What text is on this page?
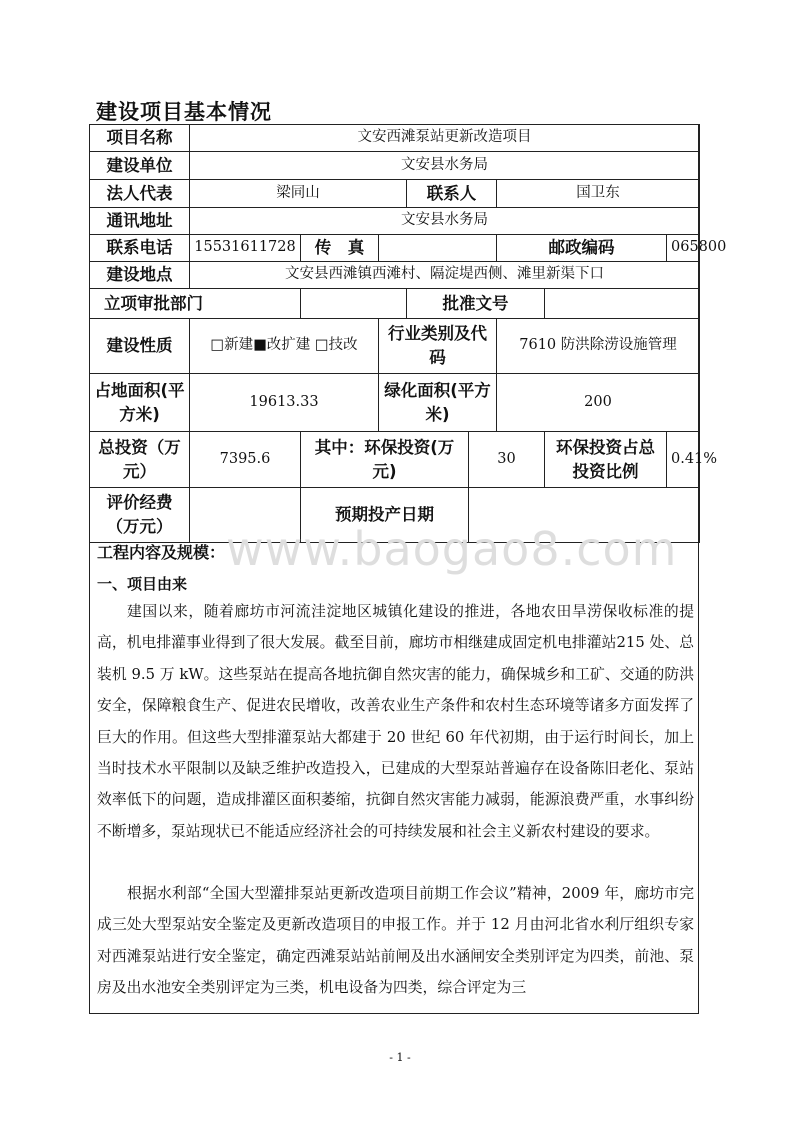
建设项目基本情况
项目名称	文安西滩泵站更新改造项目							
建设单位	文安县水务局							
法人代表	梁同山			联系人		国卫东		
通讯地址	文安县水务局							
联系电话	15531611728	传　真				邮政编码		065800
建设地点	文安县西滩镇西滩村、隔淀堤西侧、滩里新渠下口							
立项审批部门				批准文号				
建设性质	□新建■改扩建 □技改		行业类别及代码			7610 防洪除涝设施管理		
占地面积(平方米)	19613.33		绿化面积(平方米)			200		
总投资（万元）	7395.6	其中：环保投资(万元)			30		环保投资占总投资比例	0.41%
评价经费（万元）		预期投产日期						
www.baogao8.com
工程内容及规模：
一、项目由来

建国以来，随着廊坊市河流洼淀地区城镇化建设的推进，各地农田旱涝保收标准的提高，机电排灌事业得到了很大发展。截至目前，廊坊市相继建成固定机电排灌站215 处、总装机 9.5 万 kW。这些泵站在提高各地抗御自然灾害的能力，确保城乡和工矿、交通的防洪安全，保障粮食生产、促进农民增收，改善农业生产条件和农村生态环境等诸多方面发挥了巨大的作用。但这些大型排灌泵站大都建于 20 世纪 60 年代初期，由于运行时间长，加上当时技术水平限制以及缺乏维护改造投入，已建成的大型泵站普遍存在设备陈旧老化、泵站效率低下的问题，造成排灌区面积萎缩，抗御自然灾害能力减弱，能源浪费严重，水事纠纷不断增多，泵站现状已不能适应经济社会的可持续发展和社会主义新农村建设的要求。

根据水利部“全国大型灌排泵站更新改造项目前期工作会议”精神，2009 年，廊坊市完成三处大型泵站安全鉴定及更新改造项目的申报工作。并于 12 月由河北省水利厅组织专家对西滩泵站进行安全鉴定，确定西滩泵站站前闸及出水涵闸安全类别评定为四类，前池、泵房及出水池安全类别评定为三类，机电设备为四类，综合评定为三

- 1 -
